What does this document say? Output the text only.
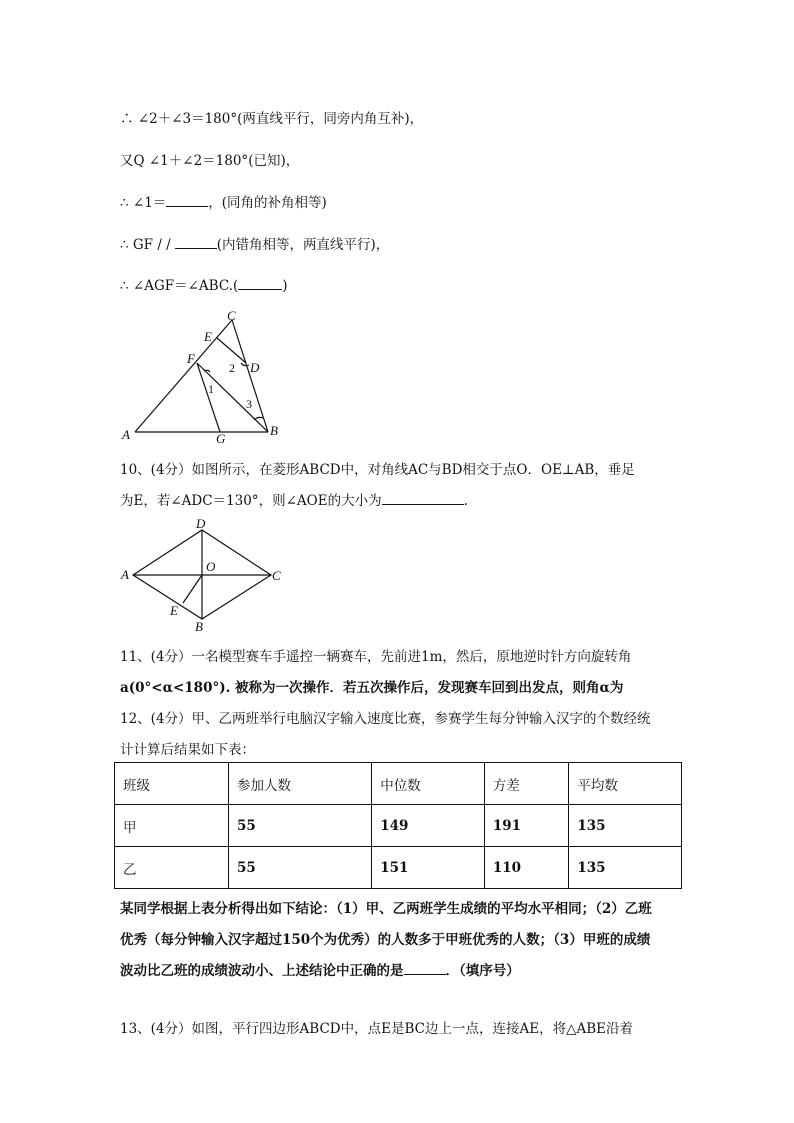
∴ ∠2＋∠3＝180°(两直线平行，同旁内角互补)，
又Q ∠1＋∠2＝180°(已知)，
∴ ∠1＝	，(同角的补角相等)
∴ GF / /	(内错角相等，两直线平行)，
∴ ∠AGF＝∠ABC.(	)
A	B
C
D
E
F
G
1
2
3
10、(4分）如图所示，在菱形ABCD中，对角线AC与BD相交于点O．OE⊥AB，垂足
为E，若∠ADC＝130°，则∠AOE的大小为	.
A
B
C
D
E
O
11、(4分）一名模型赛车手遥控一辆赛车，先前进1m，然后，原地逆时针方向旋转角
a(0°<α<180°). 被称为一次操作．若五次操作后，发现赛车回到出发点，则角α为
12、(4分）甲、乙两班举行电脑汉字输入速度比赛，参赛学生每分钟输入汉字的个数经统
计计算后结果如下表：
班级	参加人数	中位数	方差	平均数
甲	55	149	191	135
乙	55	151	110	135
某同学根据上表分析得出如下结论：（1）甲、乙两班学生成绩的平均水平相同；（2）乙班
优秀（每分钟输入汉字超过150个为优秀）的人数多于甲班优秀的人数；（3）甲班的成绩
波动比乙班的成绩波动小、上述结论中正确的是	．（填序号）
13、(4分）如图，平行四边形ABCD中，点E是BC边上一点，连接AE，将△ABE沿着
